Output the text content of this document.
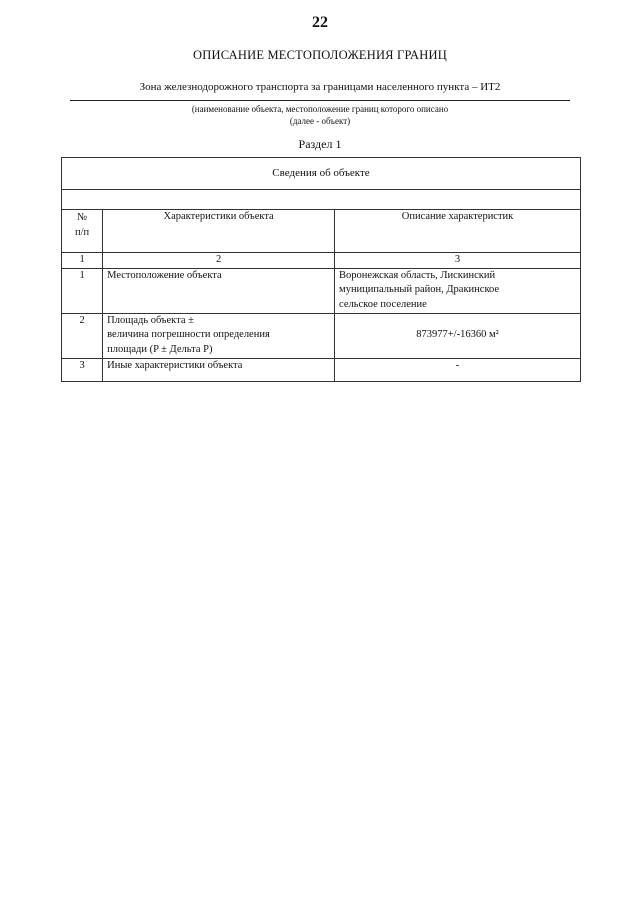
22
ОПИСАНИЕ МЕСТОПОЛОЖЕНИЯ ГРАНИЦ
Зона железнодорожного транспорта за границами населенного пункта – ИТ2
(наименование объекта, местоположение границ которого описано
(далее - объект)
Раздел 1
Сведения об объекте		

№
п/п	Характеристики объекта	Описание характеристик
1	2	3
1	Местоположение объекта	Воронежская область, Лискинский
муниципальный район, Дракинское
сельское поселение

2	Площадь объекта ±
величина погрешности определения
площади (P ± Дельта P)	873977+/-16360 м²
3	Иные характеристики объекта	-
